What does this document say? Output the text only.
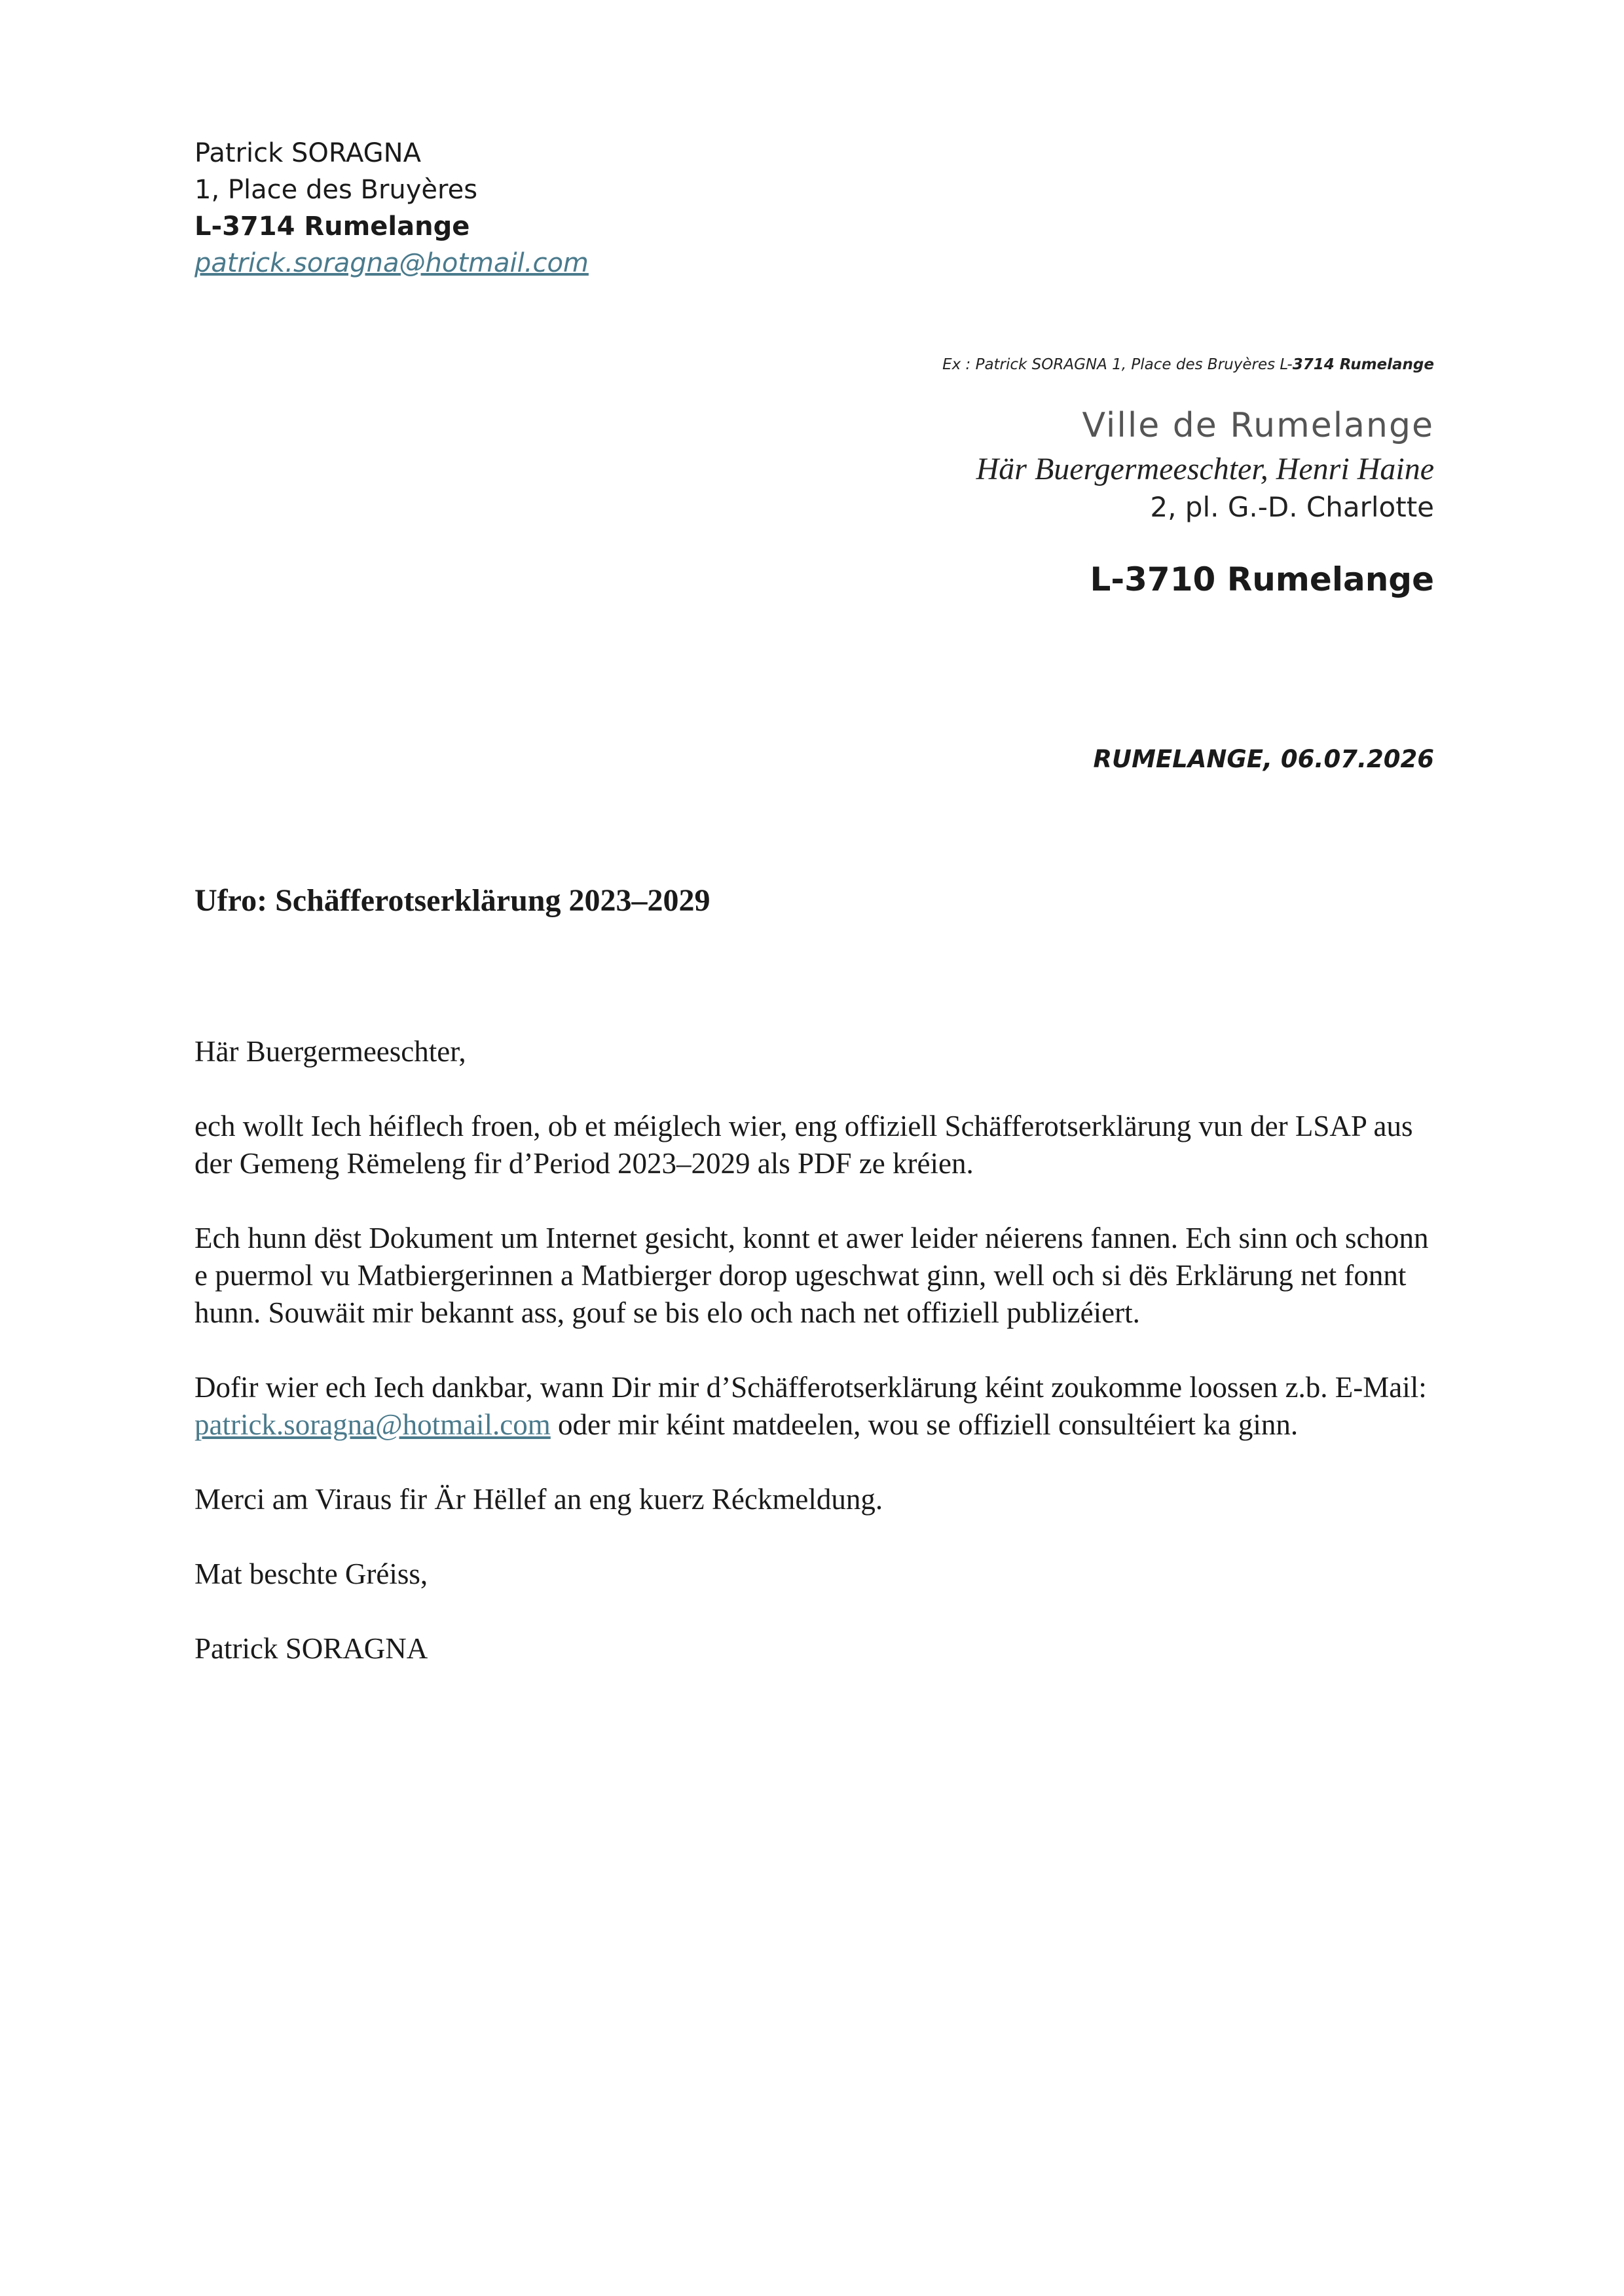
Patrick SORAGNA
1, Place des Bruyères
L-3714 Rumelange
patrick.soragna@hotmail.com
Ex : Patrick SORAGNA 1, Place des Bruyères L-3714 Rumelange
Ville de Rumelange
Här Buergermeeschter, Henri Haine
2, pl. G.-D. Charlotte
L-3710 Rumelange
RUMELANGE, 06.07.2026
Ufro: Schäfferotserklärung 2023–2029

Här Buergermeeschter,

ech wollt Iech héiflech froen, ob et méiglech wier, eng offiziell Schäfferotserklärung vun der LSAP aus der Gemeng Rëmeleng fir d’Period 2023–2029 als PDF ze kréien.

Ech hunn dëst Dokument um Internet gesicht, konnt et awer leider néierens fannen. Ech sinn och schonn e puermol vu Matbiergerinnen a Matbierger dorop ugeschwat ginn, well och si dës Erklärung net fonnt hunn. Souwäit mir bekannt ass, gouf se bis elo och nach net offiziell publizéiert.

Dofir wier ech Iech dankbar, wann Dir mir d’Schäfferotserklärung kéint zoukomme loossen z.b. E-Mail: patrick.soragna@hotmail.com oder mir kéint matdeelen, wou se offiziell consultéiert ka ginn.

Merci am Viraus fir Är Hëllef an eng kuerz Réckmeldung.

Mat beschte Gréiss,

Patrick SORAGNA
